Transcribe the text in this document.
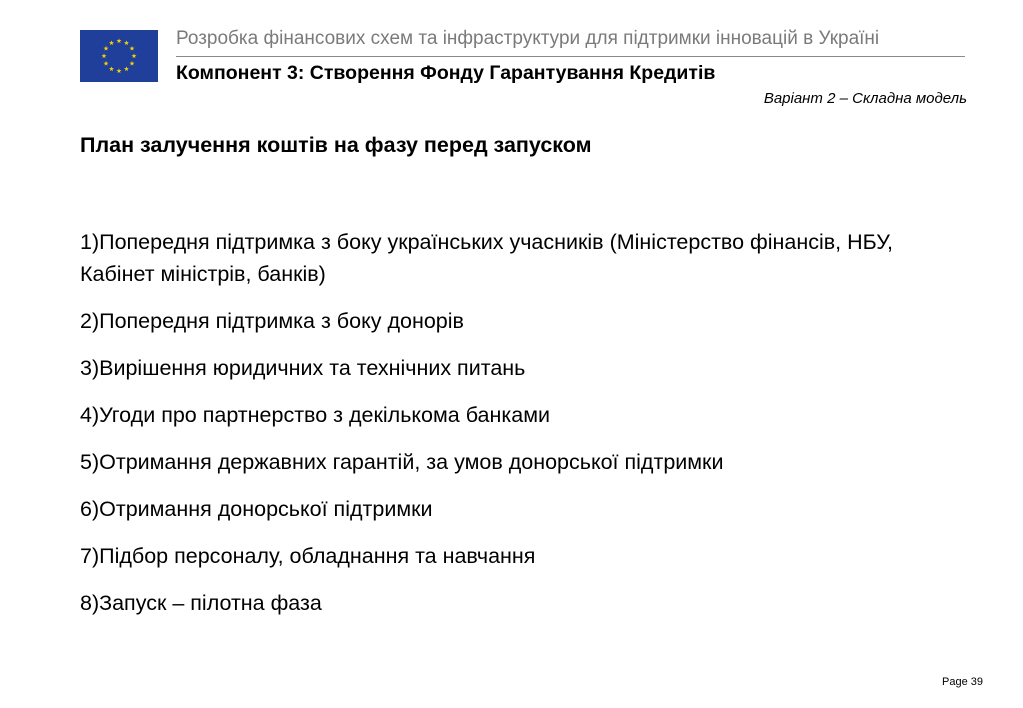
Розробка фінансових схем та інфраструктури для підтримки інновацій в Україні
Компонент 3: Створення Фонду Гарантування Кредитів
Варіант 2 – Складна модель
План залучення коштів на фазу перед запуском
1)Попередня підтримка з боку українських учасників (Міністерство фінансів, НБУ, Кабінет міністрів, банків)
2)Попередня підтримка з боку донорів
3)Вирішення юридичних та технічних питань
4)Угоди про партнерство з декількома банками
5)Отримання державних гарантій, за умов донорської підтримки
6)Отримання донорської підтримки
7)Підбор персоналу, обладнання та навчання
8)Запуск – пілотна фаза
Page 39
